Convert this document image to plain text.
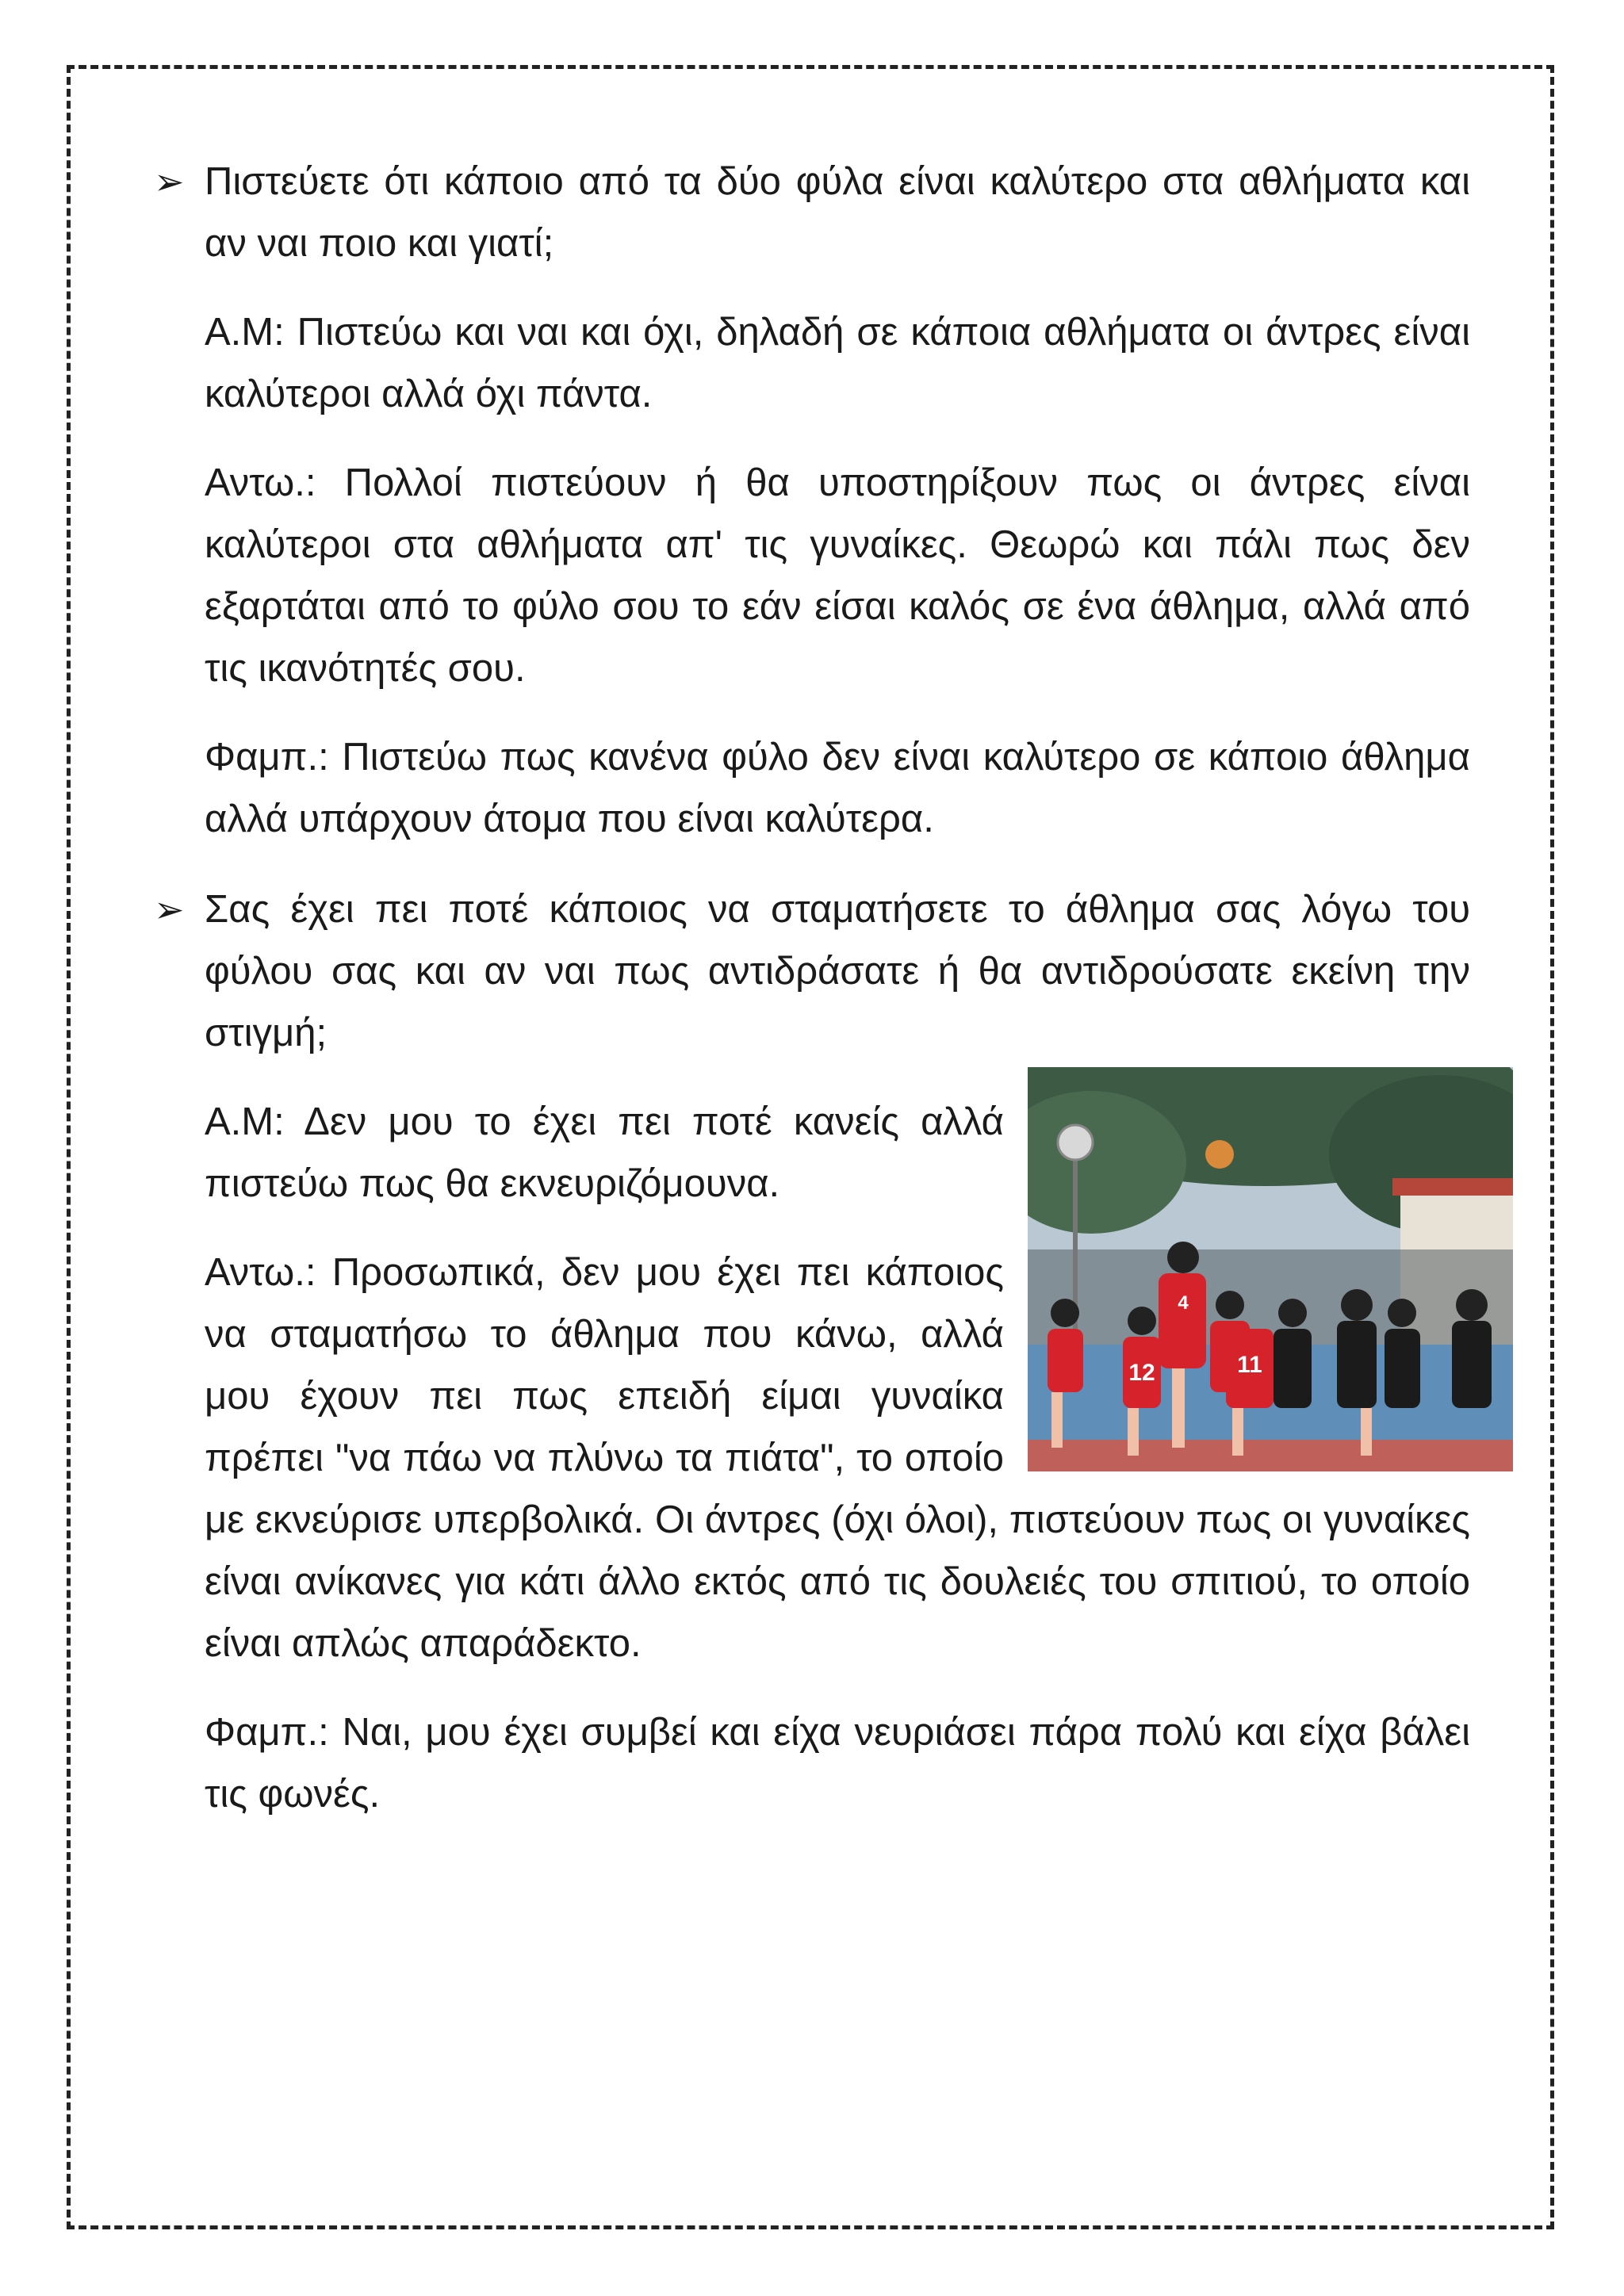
➢ Πιστεύετε ότι κάποιο από τα δύο φύλα είναι καλύτερο στα αθλήματα και αν ναι ποιο και γιατί;

Α.Μ: Πιστεύω και ναι και όχι, δηλαδή σε κάποια αθλήματα οι άντρες είναι καλύτεροι αλλά όχι πάντα.

Αντω.: Πολλοί πιστεύουν ή θα υποστηρίξουν πως οι άντρες είναι καλύτεροι στα αθλήματα απ' τις γυναίκες. Θεωρώ και πάλι πως δεν εξαρτάται από το φύλο σου το εάν είσαι καλός σε ένα άθλημα, αλλά από τις ικανότητές σου.

Φαμπ.: Πιστεύω πως κανένα φύλο δεν είναι καλύτερο σε κάποιο άθλημα αλλά υπάρχουν άτομα που είναι καλύτερα.

➢ Σας έχει πει ποτέ κάποιος να σταματήσετε το άθλημα σας λόγω του φύλου σας και αν ναι πως αντιδράσατε ή θα αντιδρούσατε εκείνη την στιγμή;

12	11
4

Α.Μ: Δεν μου το έχει πει ποτέ κανείς αλλά πιστεύω πως θα εκνευριζόμουνα.

Αντω.: Προσωπικά, δεν μου έχει πει κάποιος να σταματήσω το άθλημα που κάνω, αλλά μου έχουν πει πως επειδή είμαι γυναίκα πρέπει "να πάω να πλύνω τα πιάτα", το οποίο με εκνεύρισε υπερβολικά. Οι άντρες (όχι όλοι), πιστεύουν πως οι γυναίκες είναι ανίκανες για κάτι άλλο εκτός από τις δουλειές του σπιτιού, το οποίο είναι απλώς απαράδεκτο.

Φαμπ.: Ναι, μου έχει συμβεί και είχα νευριάσει πάρα πολύ και είχα βάλει τις φωνές.
